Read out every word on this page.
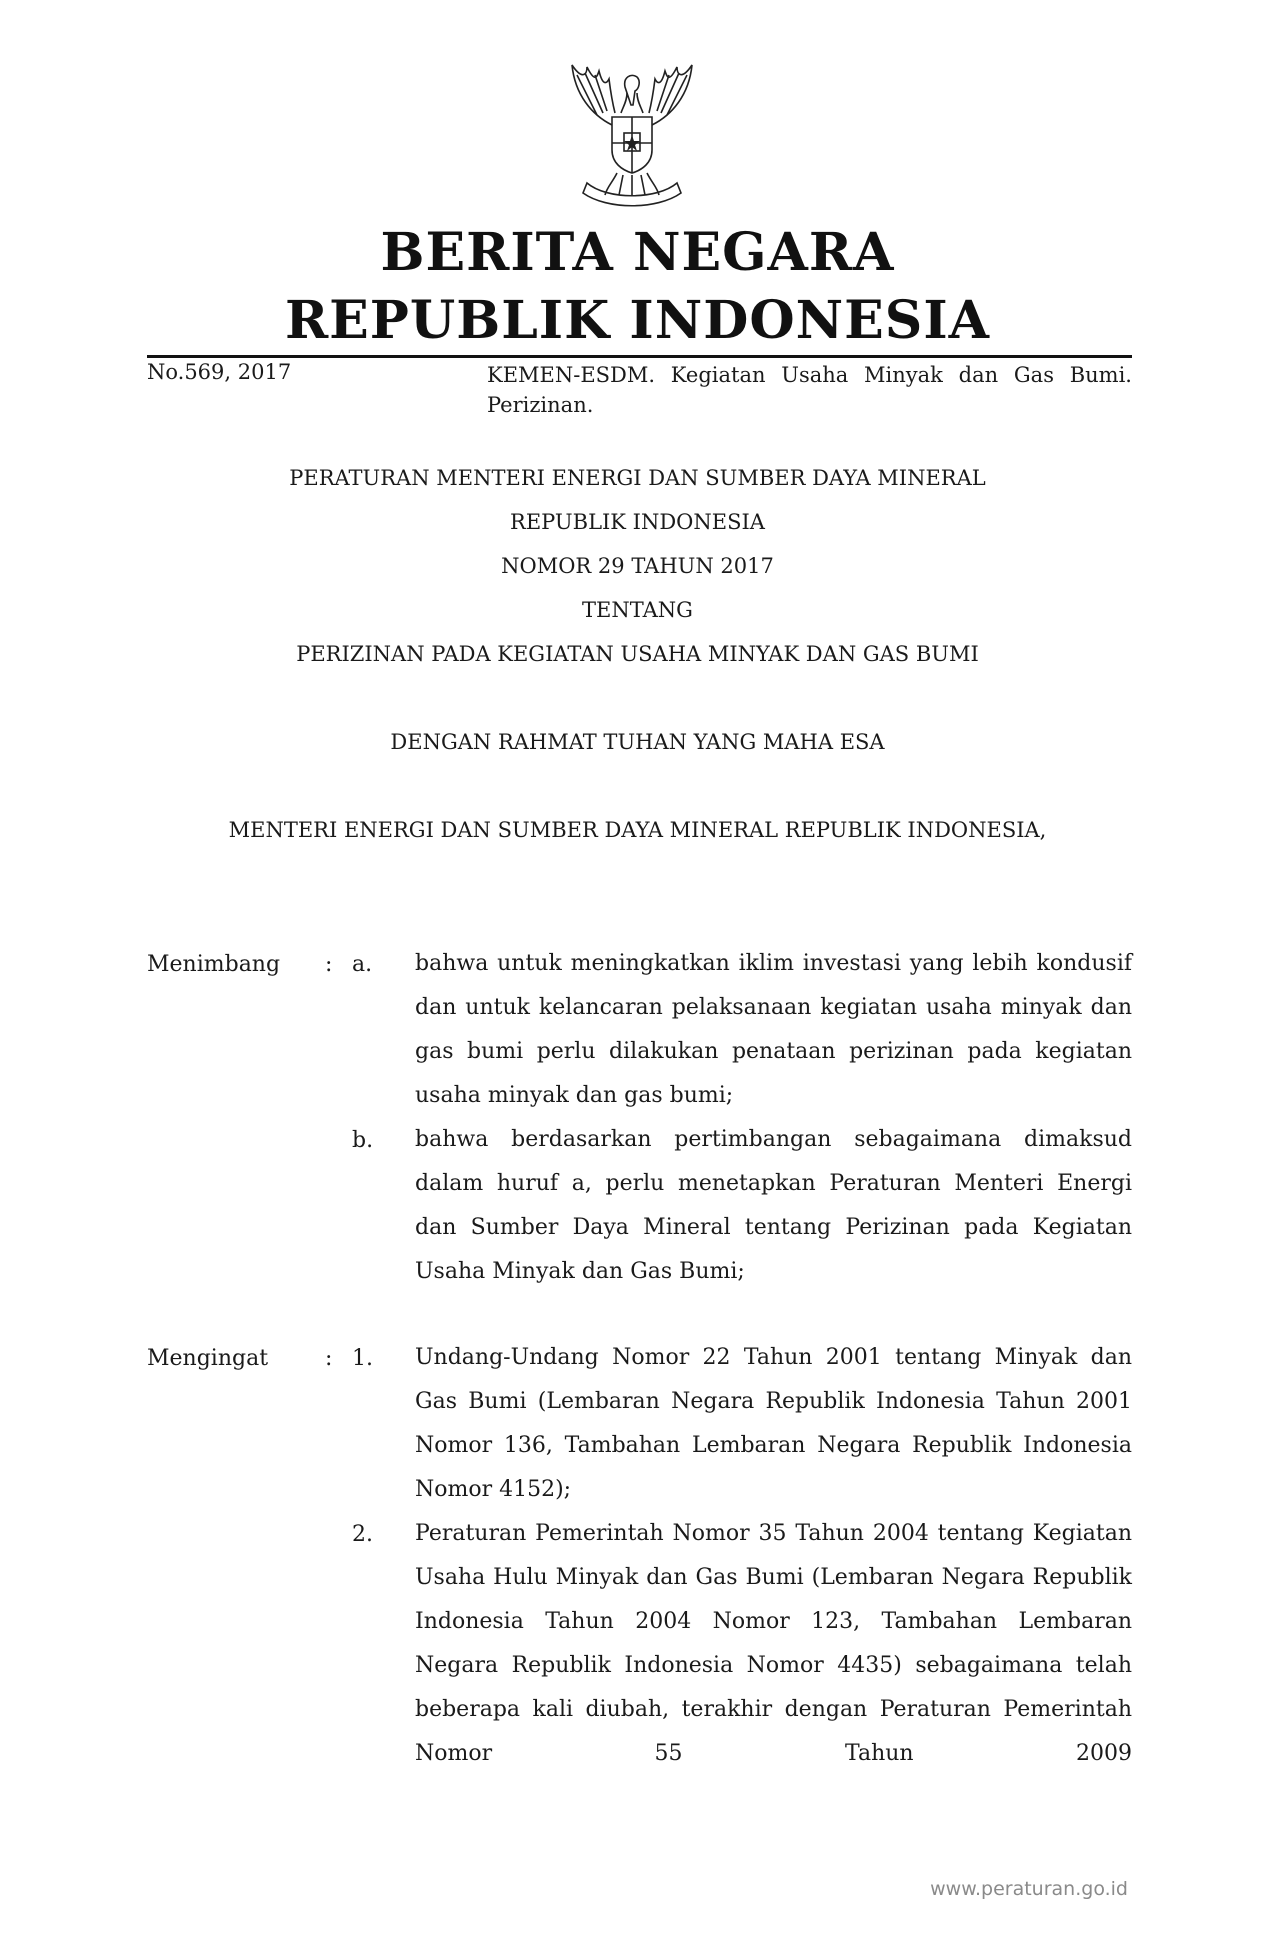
BERITA NEGARA
REPUBLIK INDONESIA
No.569, 2017	KEMEN-ESDM. Kegiatan Usaha Minyak dan Gas Bumi. Perizinan.
PERATURAN MENTERI ENERGI DAN SUMBER DAYA MINERAL
REPUBLIK INDONESIA
NOMOR 29 TAHUN 2017
TENTANG
PERIZINAN PADA KEGIATAN USAHA MINYAK DAN GAS BUMI
DENGAN RAHMAT TUHAN YANG MAHA ESA
MENTERI ENERGI DAN SUMBER DAYA MINERAL REPUBLIK INDONESIA,
Menimbang : a. bahwa untuk meningkatkan iklim investasi yang lebih kondusif dan untuk kelancaran pelaksanaan kegiatan usaha minyak dan gas bumi perlu dilakukan penataan perizinan pada kegiatan usaha minyak dan gas bumi;
b. bahwa berdasarkan pertimbangan sebagaimana dimaksud dalam huruf a, perlu menetapkan Peraturan Menteri Energi dan Sumber Daya Mineral tentang Perizinan pada Kegiatan Usaha Minyak dan Gas Bumi;
Mengingat	: 1. Undang-Undang Nomor 22 Tahun 2001 tentang Minyak dan Gas Bumi (Lembaran Negara Republik Indonesia Tahun 2001 Nomor 136, Tambahan Lembaran Negara Republik Indonesia Nomor 4152);
2. Peraturan Pemerintah Nomor 35 Tahun 2004 tentang Kegiatan Usaha Hulu Minyak dan Gas Bumi (Lembaran Negara Republik Indonesia Tahun 2004 Nomor 123, Tambahan Lembaran Negara Republik Indonesia Nomor 4435) sebagaimana telah beberapa kali diubah, terakhir dengan Peraturan Pemerintah Nomor 55 Tahun 2009
www.peraturan.go.id
